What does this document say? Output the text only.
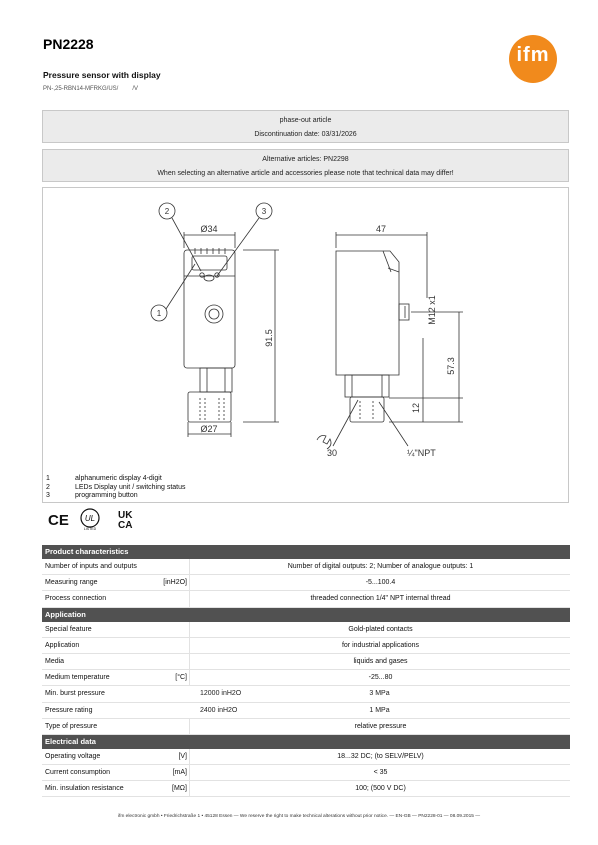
PN2228
Pressure sensor with display
PN-,25-RBN14-MFRKG/US/ /V
ifm
phase-out article
Discontinuation date: 03/31/2026
Alternative articles: PN2298
When selecting an alternative article and accessories please note that technical data may differ!
Ø34
Ø27
91.5
47
M12 x1
57.3
12
30	¼"NPT
2	3
1
1	alphanumeric display 4-digit
2	LEDs Display unit / switching status
3	programming button
CE UL
LISTED
UK
CA
Product characteristics
Number of inputs and outputs	Number of digital outputs: 2; Number of analogue outputs: 1
Measuring range	[inH2O]	-5...100.4
Process connection	threaded connection 1/4" NPT internal thread
Application
Special feature	Gold-plated contacts
Application	for industrial applications
Media	liquids and gases
Medium temperature	[°C]	-25...80
Min. burst pressure	12000 inH2O	3 MPa
Pressure rating	2400 inH2O	1 MPa
Type of pressure	relative pressure
Electrical data
Operating voltage	[V]	18...32 DC; (to SELV/PELV)
Current consumption	[mA]	< 35
Min. insulation resistance	[MΩ]	100; (500 V DC)
ifm electronic gmbh • Friedrichstraße 1 • 45128 Essen — We reserve the right to make technical alterations without prior notice. — EN-GB — PN2228-01 — 08.09.2015 —
